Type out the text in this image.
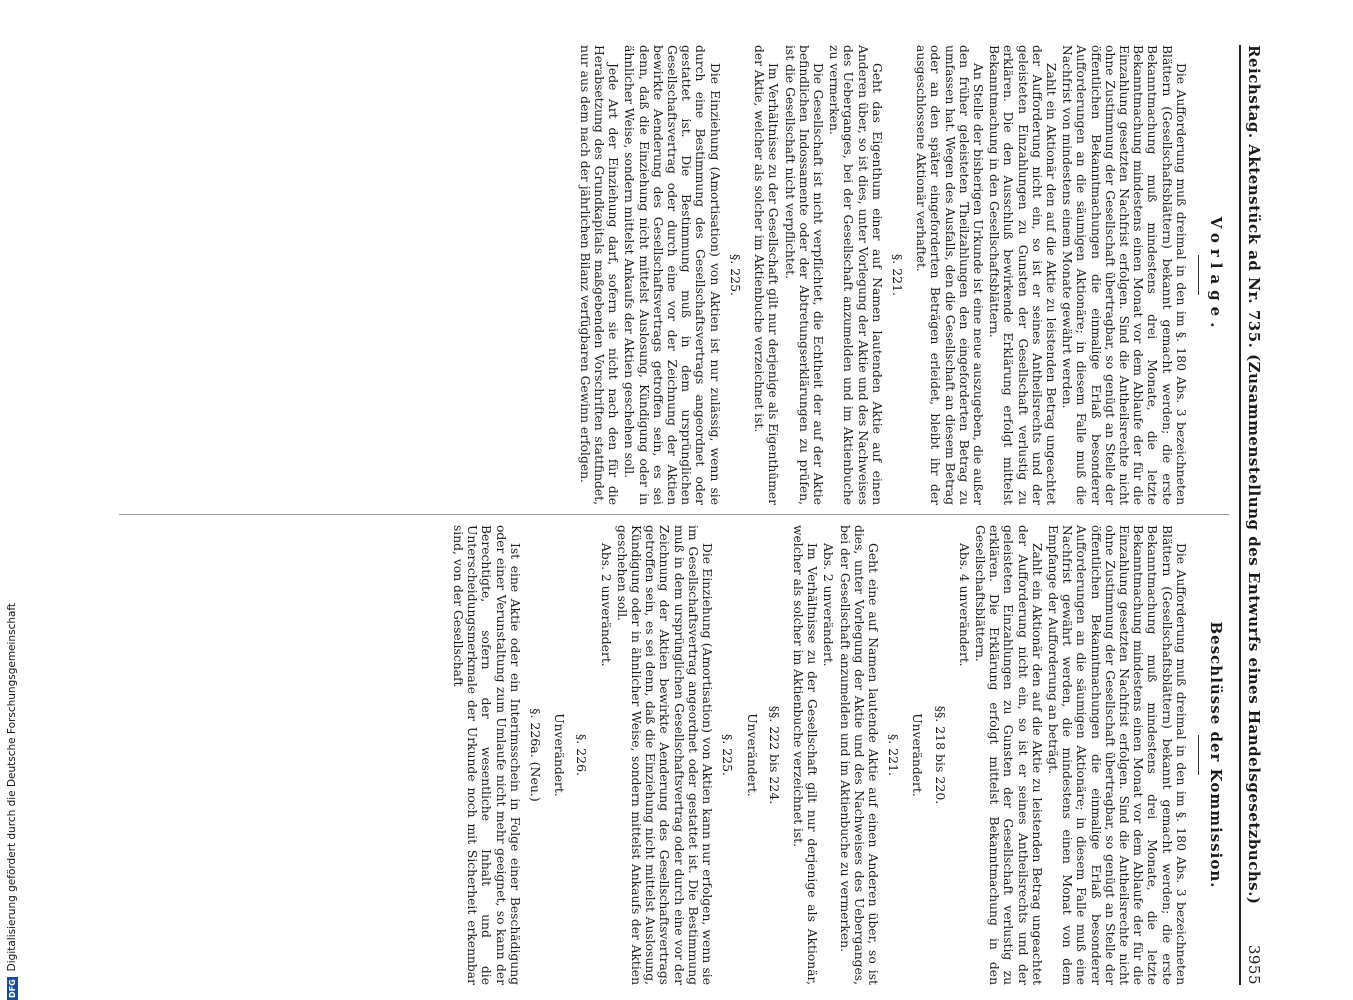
Reichstag. Aktenstück ad Nr. 735. (Zusammenstellung des Entwurfs eines Handelsgesetzbuchs.)
3955
Vorlage.

Die Aufforderung muß dreimal in den im §. 180 Abs. 3 bezeichneten Blättern (Gesellschaftsblättern) bekannt gemacht werden; die erste Bekanntmachung muß mindestens drei Monate, die letzte Bekanntmachung mindestens einen Monat vor dem Ablaufe der für die Einzahlung gesetzten Nachfrist erfolgen. Sind die Antheilsrechte nicht ohne Zustimmung der Gesellschaft übertragbar, so genügt an Stelle der öffentlichen Bekanntmachungen die einmalige Erlaß besonderer Aufforderungen an die säumigen Aktionäre; in diesem Falle muß die Nachfrist von mindestens einem Monate gewährt werden.

Zahlt ein Aktionär den auf die Aktie zu leistenden Betrag ungeachtet der Aufforderung nicht ein, so ist er seines Antheilsrechts und der geleisteten Einzahlungen zu Gunsten der Gesellschaft verlustig zu erklären. Die den Ausschluß bewirkende Erklärung erfolgt mittelst Bekanntmachung in den Gesellschaftsblättern.

An Stelle der bisherigen Urkunde ist eine neue auszugeben, die außer den früher geleisteten Theilzahlungen den eingeforderten Betrag zu umfassen hat. Wegen des Ausfalls, den die Gesellschaft an diesem Betrag oder an den später eingeforderten Beträgen erleidet, bleibt ihr der ausgeschlossene Aktionär verhaftet.

§. 221.

Geht das Eigenthum einer auf Namen lautenden Aktie auf einen Anderen über, so ist dies, unter Vorlegung der Aktie und des Nachweises des Ueberganges, bei der Gesellschaft anzumelden und im Aktienbuche zu vermerken.

Die Gesellschaft ist nicht verpflichtet, die Echtheit der auf der Aktie befindlichen Indossamente oder der Abtretungserklärungen zu prüfen, ist die Gesellschaft nicht verpflichtet.

Im Verhältnisse zu der Gesellschaft gilt nur derjenige als Eigenthümer der Aktie, welcher als solcher im Aktienbuche verzeichnet ist.

§. 225.

Die Einziehung (Amortisation) von Aktien ist nur zulässig, wenn sie durch eine Bestimmung des Gesellschaftsvertrags angeordnet oder gestattet ist. Die Bestimmung muß in dem ursprünglichen Gesellschaftsvertrag oder durch eine vor der Zeichnung der Aktien bewirkte Aenderung des Gesellschaftsvertrags getroffen sein, es sei denn, daß die Einziehung nicht mittelst Auslosung, Kündigung oder in ähnlicher Weise, sondern mittelst Ankaufs der Aktien geschehen soll.

Jede Art der Einziehung darf, sofern sie nicht nach den für die Herabsetzung des Grundkapitals maßgebenden Vorschriften stattfindet, nur aus dem nach der jährlichen Bilanz verfügbaren Gewinn erfolgen.

Beschlüsse der Kommission.

Die Aufforderung muß dreimal in den im §. 180 Abs. 3 bezeichneten Blättern (Gesellschaftsblättern) bekannt gemacht werden; die erste Bekanntmachung muß mindestens drei Monate, die letzte Bekanntmachung mindestens einen Monat vor dem Ablaufe der für die Einzahlung gesetzten Nachfrist erfolgen. Sind die Antheilsrechte nicht ohne Zustimmung der Gesellschaft übertragbar, so genügt an Stelle der öffentlichen Bekanntmachungen die einmalige Erlaß besonderer Aufforderungen an die säumigen Aktionäre; in diesem Falle muß eine Nachfrist gewährt werden, die mindestens einen Monat von dem Empfange der Aufforderung an beträgt.

Zahlt ein Aktionär den auf die Aktie zu leistenden Betrag ungeachtet der Aufforderung nicht ein, so ist er seines Antheilsrechts und der geleisteten Einzahlungen zu Gunsten der Gesellschaft verlustig zu erklären. Die Erklärung erfolgt mittelst Bekanntmachung in den Gesellschaftsblättern.

Abs. 4 unverändert.

§§. 218 bis 220.
Unverändert.
§. 221.

Geht eine auf Namen lautende Aktie auf einen Anderen über, so ist dies, unter Vorlegung der Aktie und des Nachweises des Ueberganges, bei der Gesellschaft anzumelden und im Aktienbuche zu vermerken.

Abs. 2 unverändert.

Im Verhältnisse zu der Gesellschaft gilt nur derjenige als Aktionär, welcher als solcher im Aktienbuche verzeichnet ist.

§§. 222 bis 224.
Unverändert.
§. 225.

Die Einziehung (Amortisation) von Aktien kann nur erfolgen, wenn sie im Gesellschaftsvertrag angeordnet oder gestattet ist. Die Bestimmung muß in dem ursprünglichen Gesellschaftsvertrag oder durch eine vor der Zeichnung der Aktien bewirkte Aenderung des Gesellschaftsvertrags getroffen sein, es sei denn, daß die Einziehung nicht mittelst Auslosung, Kündigung oder in ähnlicher Weise, sondern mittelst Ankaufs der Aktien geschehen soll.

Abs. 2 unverändert.

§. 226.
Unverändert.
§. 226a. (Neu.)

Ist eine Aktie oder ein Interimsschein in Folge einer Beschädigung oder einer Verunstaltung zum Umlaufe nicht mehr geeignet, so kann der Berechtigte, sofern der wesentliche Inhalt und die Unterscheidungsmerkmale der Urkunde noch mit Sicherheit erkennbar sind, von der Gesellschaft

DFG
Digitalisierung gefördert durch die Deutsche Forschungsgemeinschaft
